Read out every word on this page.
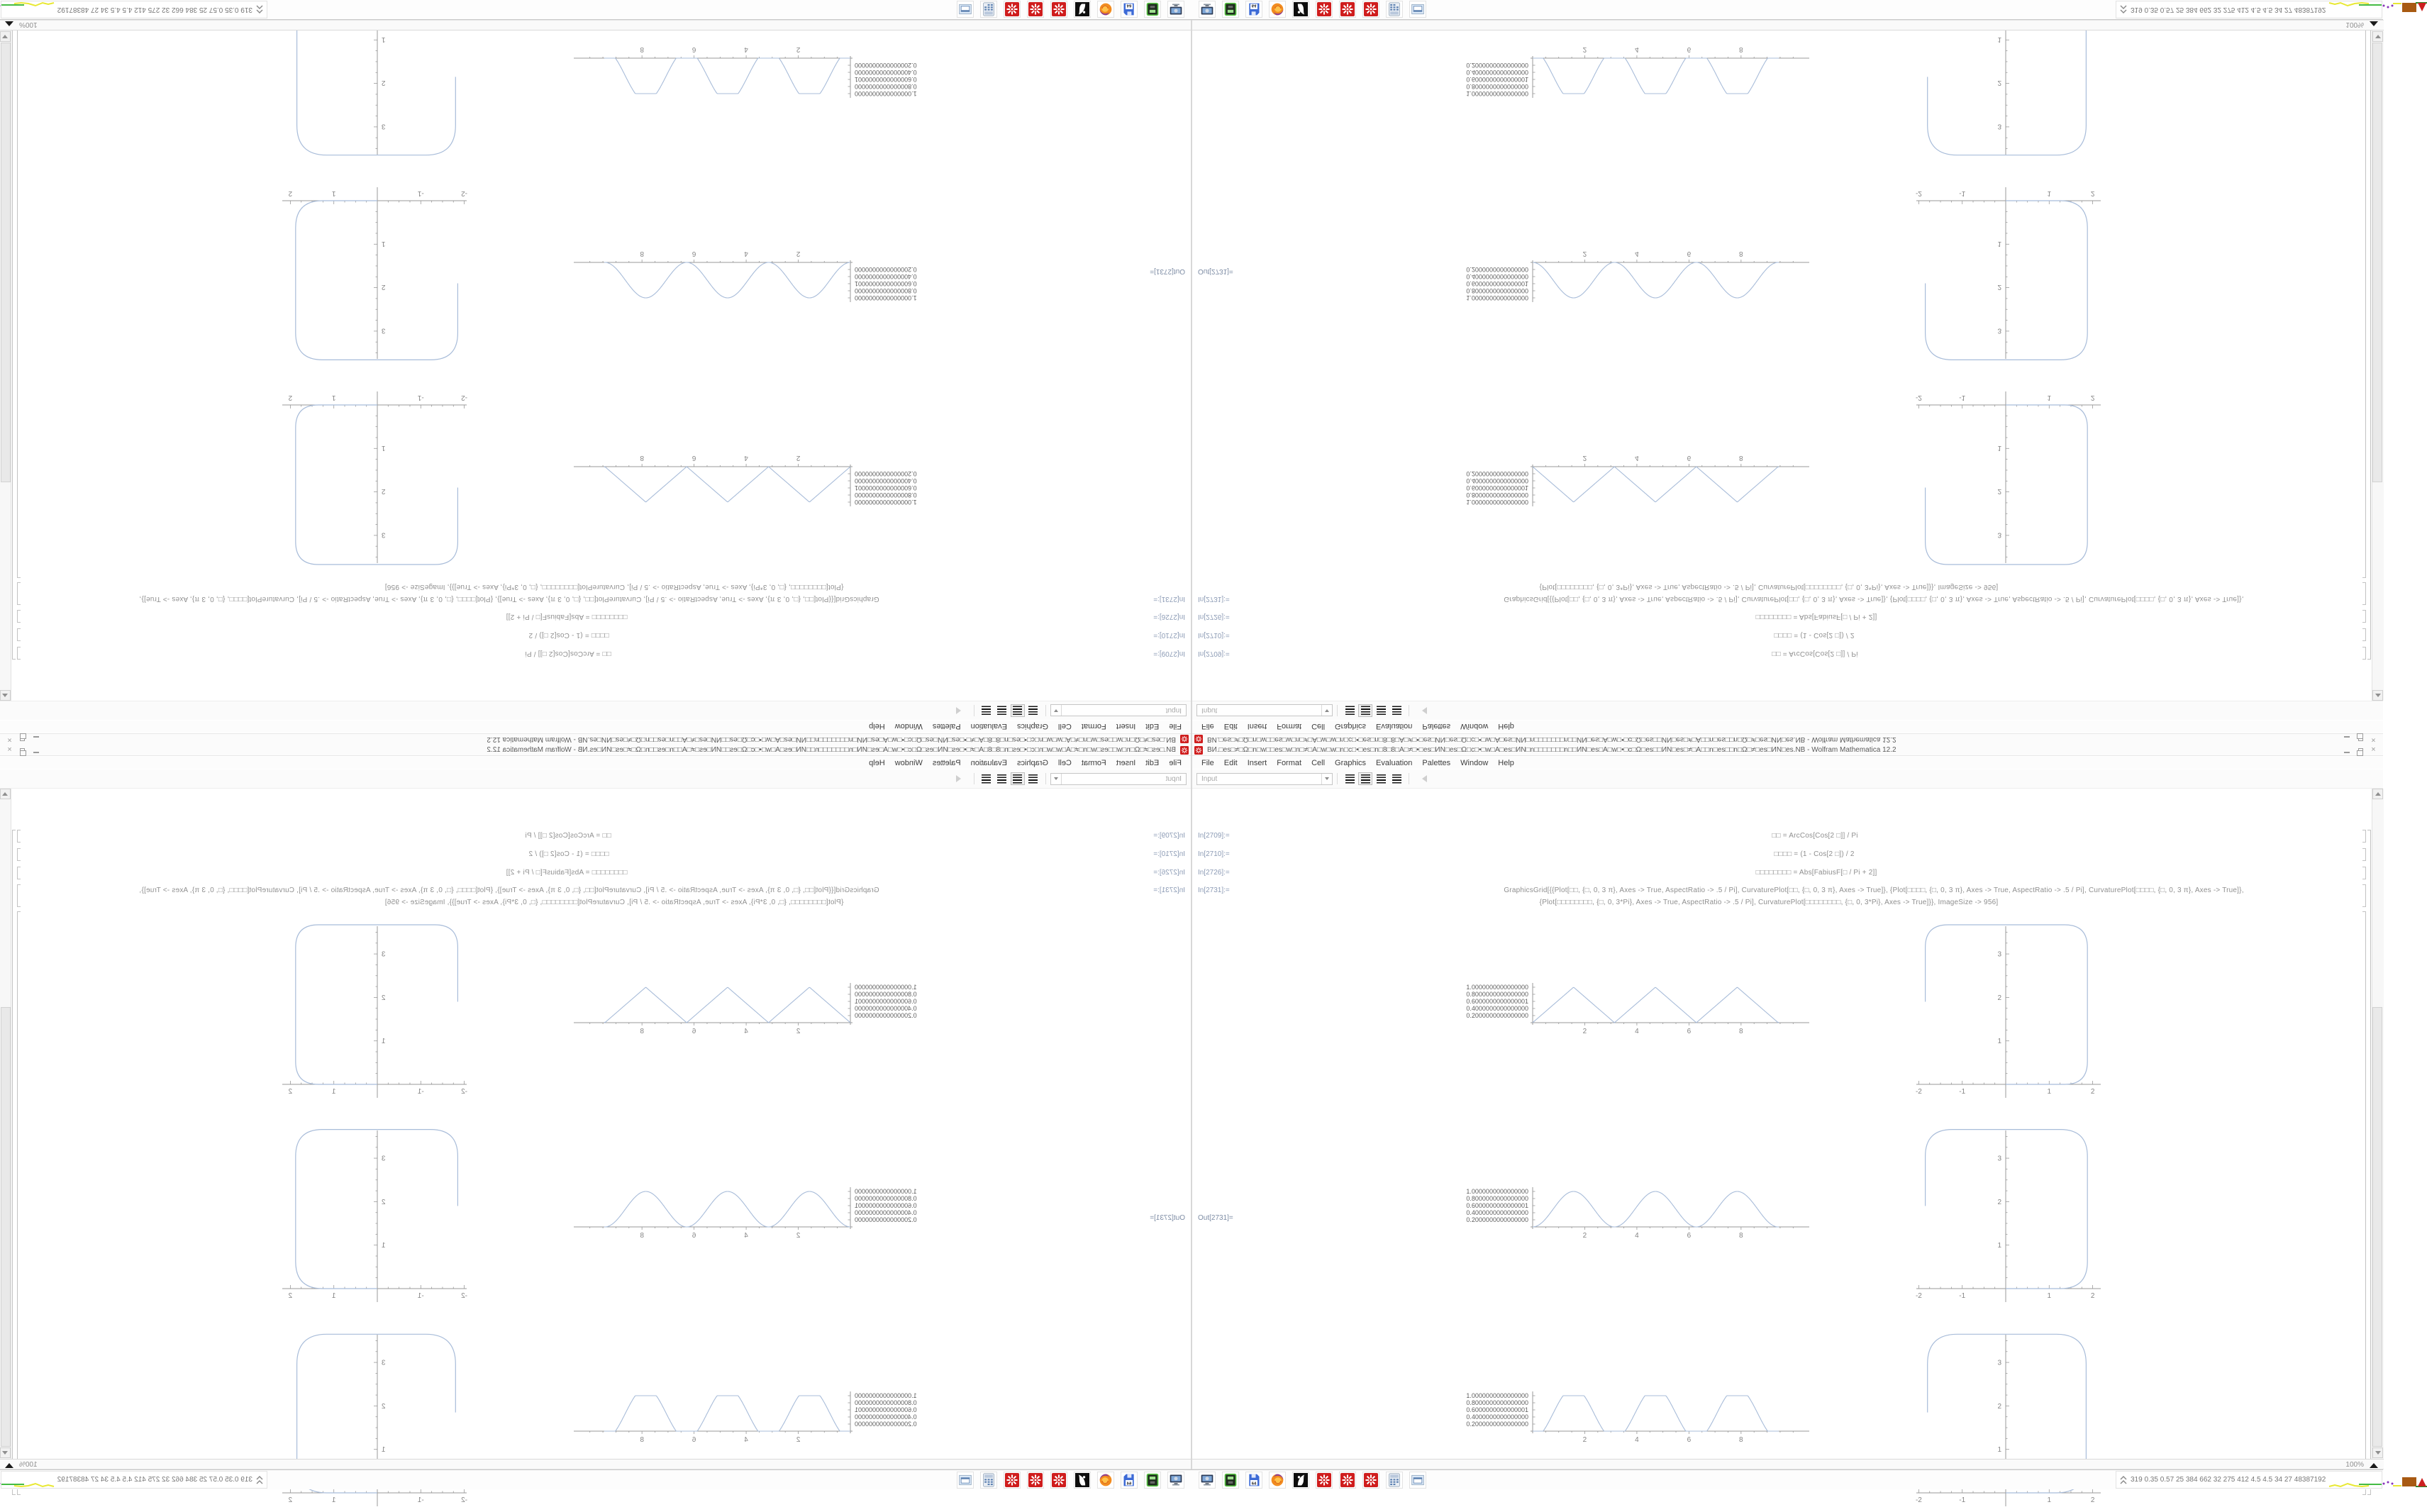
ВИ.□es□≠□Ω□n□w□□es□w□n□≠□A□w□w□n□c□•□es□n□8□8□A□≠□•□es□ИN□es□Ω□c□•□w□A□es□ИN□n□□□□□□□n□□ИN□es□A□w□•□c□Ω□es□□ИN□es□≠□A□□n□es□□n□Ω□≠□es□ИN□es.NB - Wolfram Mathematica 12.2	×
File	Edit	Insert	Format	Cell	Graphics	Evaluation	Palettes	Window	Help
Input
In[2709]:=
In[2710]:=
In[2726]:=
In[2731]:=
Out[2731]=
□□ = ArcCos[Cos[2 □]] / Pi
□□□□ = (1 - Cos[2 □]) / 2
□□□□□□□□ = Abs[FabiusF[□ / Pi + 2]]
GraphicsGrid[{{Plot[□□, {□, 0, 3 π}, Axes -> True, AspectRatio -> .5 / Pi], CurvaturePlot[□□, {□, 0, 3 π}, Axes -> True]}, {Plot[□□□□, {□, 0, 3 π}, Axes -> True, AspectRatio -> .5 / Pi], CurvaturePlot[□□□□, {□, 0, 3 π}, Axes -> True]},
{Plot[□□□□□□□□, {□, 0, 3*Pi}, Axes -> True, AspectRatio -> .5 / Pi], CurvaturePlot[□□□□□□□□, {□, 0, 3*Pi}, Axes -> True]}}, ImageSize -> 956]
1.0000000000000000
0.8000000000000000
0.6000000000000001
0.4000000000000000
0.2000000000000000
2	4	6	8
-2	-1	1	2
1
2
3
1.0000000000000000
0.8000000000000000
0.6000000000000001
0.4000000000000000
0.2000000000000000
2	4	6	8
-2	-1	1	2
1
2
3
1.0000000000000000
0.8000000000000000
0.6000000000000001
0.4000000000000000
0.2000000000000000
2	4	6	8
-2	-1	1	2
1
2
3
100%
64
319 0.35 0.57 25 384 662 32 275 412 4.5 4.5 34 27 48387192
ВИ.□es□≠□Ω□n□w□□es□w□n□≠□A□w□w□n□c□•□es□n□8□8□A□≠□•□es□ИN□es□Ω□c□•□w□A□es□ИN□n□□□□□□□n□□ИN□es□A□w□•□c□Ω□es□□ИN□es□≠□A□□n□es□□n□Ω□≠□es□ИN□es.NB - Wolfram Mathematica 12.2
×
File
Edit
Insert
Format
Cell
Graphics
Evaluation
Palettes
Window
Help
Input
In[2709]:=
In[2710]:=
In[2726]:=
In[2731]:=
Out[2731]=
□□ = ArcCos[Cos[2 □]] / Pi
□□□□ = (1 - Cos[2 □]) / 2
□□□□□□□□ = Abs[FabiusF[□ / Pi + 2]]
GraphicsGrid[{{Plot[□□, {□, 0, 3 π}, Axes -> True, AspectRatio -> .5 / Pi], CurvaturePlot[□□, {□, 0, 3 π}, Axes -> True]}, {Plot[□□□□, {□, 0, 3 π}, Axes -> True, AspectRatio -> .5 / Pi], CurvaturePlot[□□□□, {□, 0, 3 π}, Axes -> True]},
{Plot[□□□□□□□□, {□, 0, 3*Pi}, Axes -> True, AspectRatio -> .5 / Pi], CurvaturePlot[□□□□□□□□, {□, 0, 3*Pi}, Axes -> True]}}, ImageSize -> 956]
1.0000000000000000
0.8000000000000000
0.6000000000000001
0.4000000000000000
0.2000000000000000
2
4
6
8
-2
-1
1
2
1
2
3
1.0000000000000000
0.8000000000000000
0.6000000000000001
0.4000000000000000
0.2000000000000000
2
4
6
8
-2
-1
1
2
1
2
3
1.0000000000000000
0.8000000000000000
0.6000000000000001
0.4000000000000000
0.2000000000000000
2
4
6
8
-2
-1
1
2
1
2
3
100%
64
319 0.35 0.57 25 384 662 32 275 412 4.5 4.5 34 27 48387192
ВИ.□es□≠□Ω□n□w□□es□w□n□≠□A□w□w□n□c□•□es□n□8□8□A□≠□•□es□ИN□es□Ω□c□•□w□A□es□ИN□n□□□□□□□n□□ИN□es□A□w□•□c□Ω□es□□ИN□es□≠□A□□n□es□□n□Ω□≠□es□ИN□es.NB - Wolfram Mathematica 12.2	×
File	Edit	Insert	Format	Cell	Graphics	Evaluation	Palettes	Window	Help
Input
In[2709]:=
In[2710]:=
In[2726]:=
In[2731]:=
Out[2731]=
□□ = ArcCos[Cos[2 □]] / Pi
□□□□ = (1 - Cos[2 □]) / 2
□□□□□□□□ = Abs[FabiusF[□ / Pi + 2]]
GraphicsGrid[{{Plot[□□, {□, 0, 3 π}, Axes -> True, AspectRatio -> .5 / Pi], CurvaturePlot[□□, {□, 0, 3 π}, Axes -> True]}, {Plot[□□□□, {□, 0, 3 π}, Axes -> True, AspectRatio -> .5 / Pi], CurvaturePlot[□□□□, {□, 0, 3 π}, Axes -> True]},
{Plot[□□□□□□□□, {□, 0, 3*Pi}, Axes -> True, AspectRatio -> .5 / Pi], CurvaturePlot[□□□□□□□□, {□, 0, 3*Pi}, Axes -> True]}}, ImageSize -> 956]
1.0000000000000000
0.8000000000000000
0.6000000000000001
0.4000000000000000
0.2000000000000000
2	4	6	8
-2	-1	1	2
1
2
3
1.0000000000000000
0.8000000000000000
0.6000000000000001
0.4000000000000000
0.2000000000000000
2	4	6	8
-2	-1	1	2
1
2
3
1.0000000000000000
0.8000000000000000
0.6000000000000001
0.4000000000000000
0.2000000000000000
2	4	6	8
1
2
3
100%
64
319 0.35 0.57 25 384 662 32 275 412 4.5 4.5 34 27 48387192
ВИ.□es□≠□Ω□n□w□□es□w□n□≠□A□w□w□n□c□•□es□n□8□8□A□≠□•□es□ИN□es□Ω□c□•□w□A□es□ИN□n□□□□□□□n□□ИN□es□A□w□•□c□Ω□es□□ИN□es□≠□A□□n□es□□n□Ω□≠□es□ИN□es.NB - Wolfram Mathematica 12.2
×
File
Edit
Insert
Format
Cell
Graphics
Evaluation
Palettes
Window
Help
Input
In[2709]:=
In[2710]:=
In[2726]:=
In[2731]:=
Out[2731]=
□□ = ArcCos[Cos[2 □]] / Pi
□□□□ = (1 - Cos[2 □]) / 2
□□□□□□□□ = Abs[FabiusF[□ / Pi + 2]]
GraphicsGrid[{{Plot[□□, {□, 0, 3 π}, Axes -> True, AspectRatio -> .5 / Pi], CurvaturePlot[□□, {□, 0, 3 π}, Axes -> True]}, {Plot[□□□□, {□, 0, 3 π}, Axes -> True, AspectRatio -> .5 / Pi], CurvaturePlot[□□□□, {□, 0, 3 π}, Axes -> True]},
{Plot[□□□□□□□□, {□, 0, 3*Pi}, Axes -> True, AspectRatio -> .5 / Pi], CurvaturePlot[□□□□□□□□, {□, 0, 3*Pi}, Axes -> True]}}, ImageSize -> 956]
1.0000000000000000
0.8000000000000000
0.6000000000000001
0.4000000000000000
0.2000000000000000
2
4
6
8
-2
-1
1
2
1
2
3
1.0000000000000000
0.8000000000000000
0.6000000000000001
0.4000000000000000
0.2000000000000000
2
4
6
8
-2
-1
1
2
1
2
3
1.0000000000000000
0.8000000000000000
0.6000000000000001
0.4000000000000000
0.2000000000000000
2
4
6
8
1
2
3
100%
64
319 0.35 0.57 25 384 662 32 275 412 4.5 4.5 34 27 48387192
